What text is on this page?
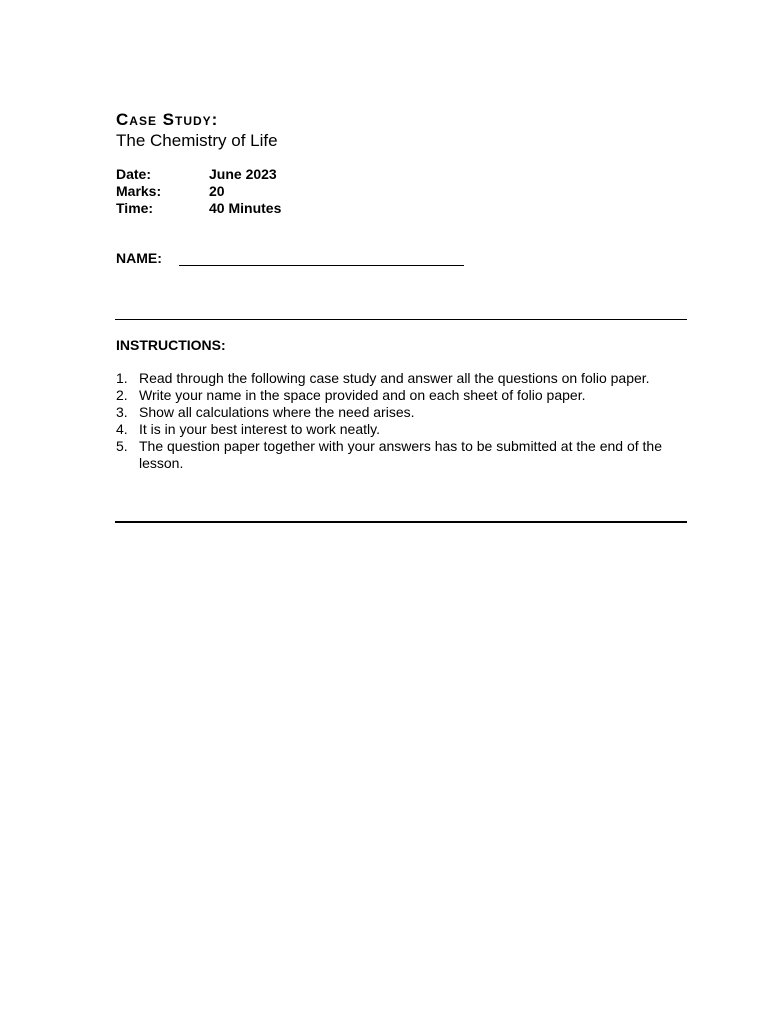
Case Study:
The Chemistry of Life
Date:	June 2023
Marks:	20
Time:	40 Minutes
NAME:
INSTRUCTIONS:
1. Read through the following case study and answer all the questions on folio paper.
2. Write your name in the space provided and on each sheet of folio paper.
3. Show all calculations where the need arises.
4. It is in your best interest to work neatly.
5. The question paper together with your answers has to be submitted at the end of the lesson.
